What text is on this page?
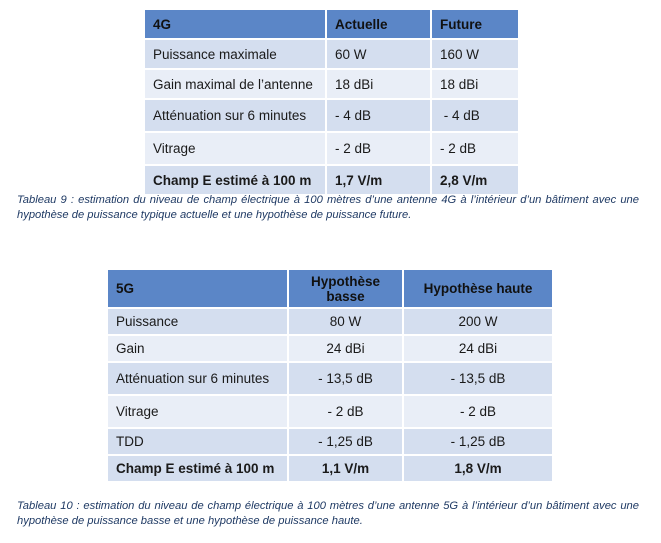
4G	Actuelle	Future
Puissance maximale	60 W	160 W
Gain maximal de l’antenne	18 dBi	18 dBi
Atténuation sur 6 minutes	- 4 dB	- 4 dB
Vitrage	- 2 dB	- 2 dB
Champ E estimé à 100 m	1,7 V/m	2,8 V/m
Tableau 9 : estimation du niveau de champ électrique à 100 mètres d’une antenne 4G à l’intérieur d’un bâtiment avec une hypothèse de puissance typique actuelle et une hypothèse de puissance future.
5G	Hypothèse basse	Hypothèse haute
Puissance	80 W	200 W
Gain	24 dBi	24 dBi
Atténuation sur 6 minutes	- 13,5 dB	- 13,5 dB
Vitrage	- 2 dB	- 2 dB
TDD	- 1,25 dB	- 1,25 dB
Champ E estimé à 100 m	1,1 V/m	1,8 V/m
Tableau 10 : estimation du niveau de champ électrique à 100 mètres d’une antenne 5G à l’intérieur d’un bâtiment avec une hypothèse de puissance basse et une hypothèse de puissance haute.
